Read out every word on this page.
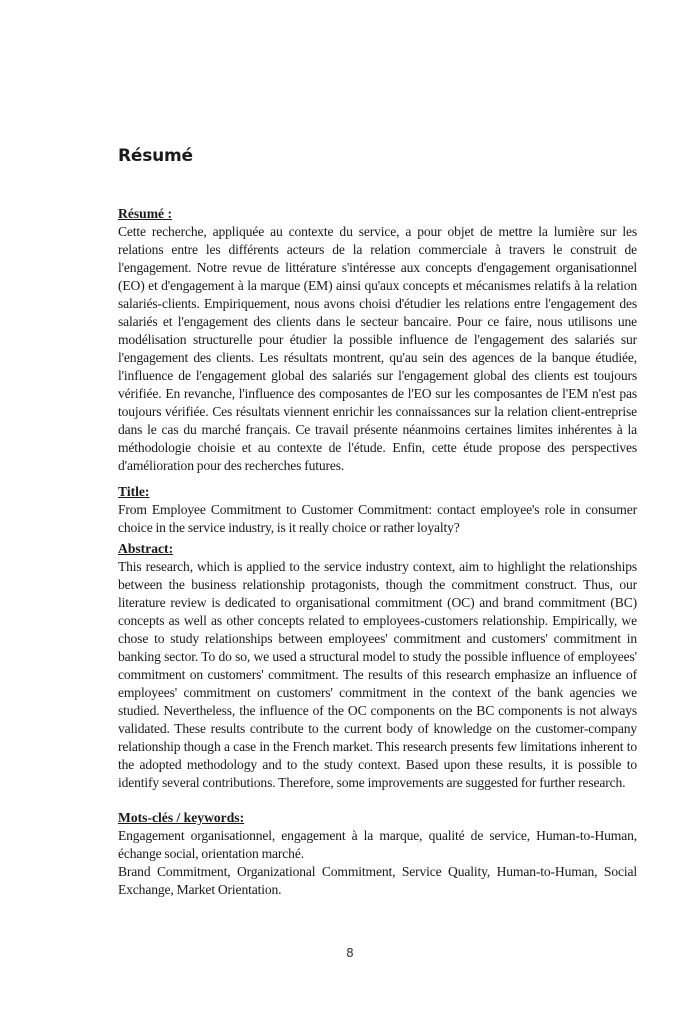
Résumé
Résumé :

Cette recherche, appliquée au contexte du service, a pour objet de mettre la lumière sur les relations entre les différents acteurs de la relation commerciale à travers le construit de l'engagement. Notre revue de littérature s'intéresse aux concepts d'engagement organisationnel (EO) et d'engagement à la marque (EM) ainsi qu'aux concepts et mécanismes relatifs à la relation salariés-clients. Empiriquement, nous avons choisi d'étudier les relations entre l'engagement des salariés et l'engagement des clients dans le secteur bancaire. Pour ce faire, nous utilisons une modélisation structurelle pour étudier la possible influence de l'engagement des salariés sur l'engagement des clients. Les résultats montrent, qu'au sein des agences de la banque étudiée, l'influence de l'engagement global des salariés sur l'engagement global des clients est toujours vérifiée. En revanche, l'influence des composantes de l'EO sur les composantes de l'EM n'est pas toujours vérifiée. Ces résultats viennent enrichir les connaissances sur la relation client-entreprise dans le cas du marché français. Ce travail présente néanmoins certaines limites inhérentes à la méthodologie choisie et au contexte de l'étude. Enfin, cette étude propose des perspectives d'amélioration pour des recherches futures.

Title:

From Employee Commitment to Customer Commitment: contact employee's role in consumer choice in the service industry, is it really choice or rather loyalty?

Abstract:

This research, which is applied to the service industry context, aim to highlight the relationships between the business relationship protagonists, though the commitment construct. Thus, our literature review is dedicated to organisational commitment (OC) and brand commitment (BC) concepts as well as other concepts related to employees-customers relationship. Empirically, we chose to study relationships between employees' commitment and customers' commitment in banking sector. To do so, we used a structural model to study the possible influence of employees' commitment on customers' commitment. The results of this research emphasize an influence of employees' commitment on customers' commitment in the context of the bank agencies we studied. Nevertheless, the influence of the OC components on the BC components is not always validated. These results contribute to the current body of knowledge on the customer-company relationship though a case in the French market. This research presents few limitations inherent to the adopted methodology and to the study context. Based upon these results, it is possible to identify several contributions. Therefore, some improvements are suggested for further research.

Mots-clés / keywords:

Engagement organisationnel, engagement à la marque, qualité de service, Human-to-Human, échange social, orientation marché.

Brand Commitment, Organizational Commitment, Service Quality, Human-to-Human, Social Exchange, Market Orientation.

8
